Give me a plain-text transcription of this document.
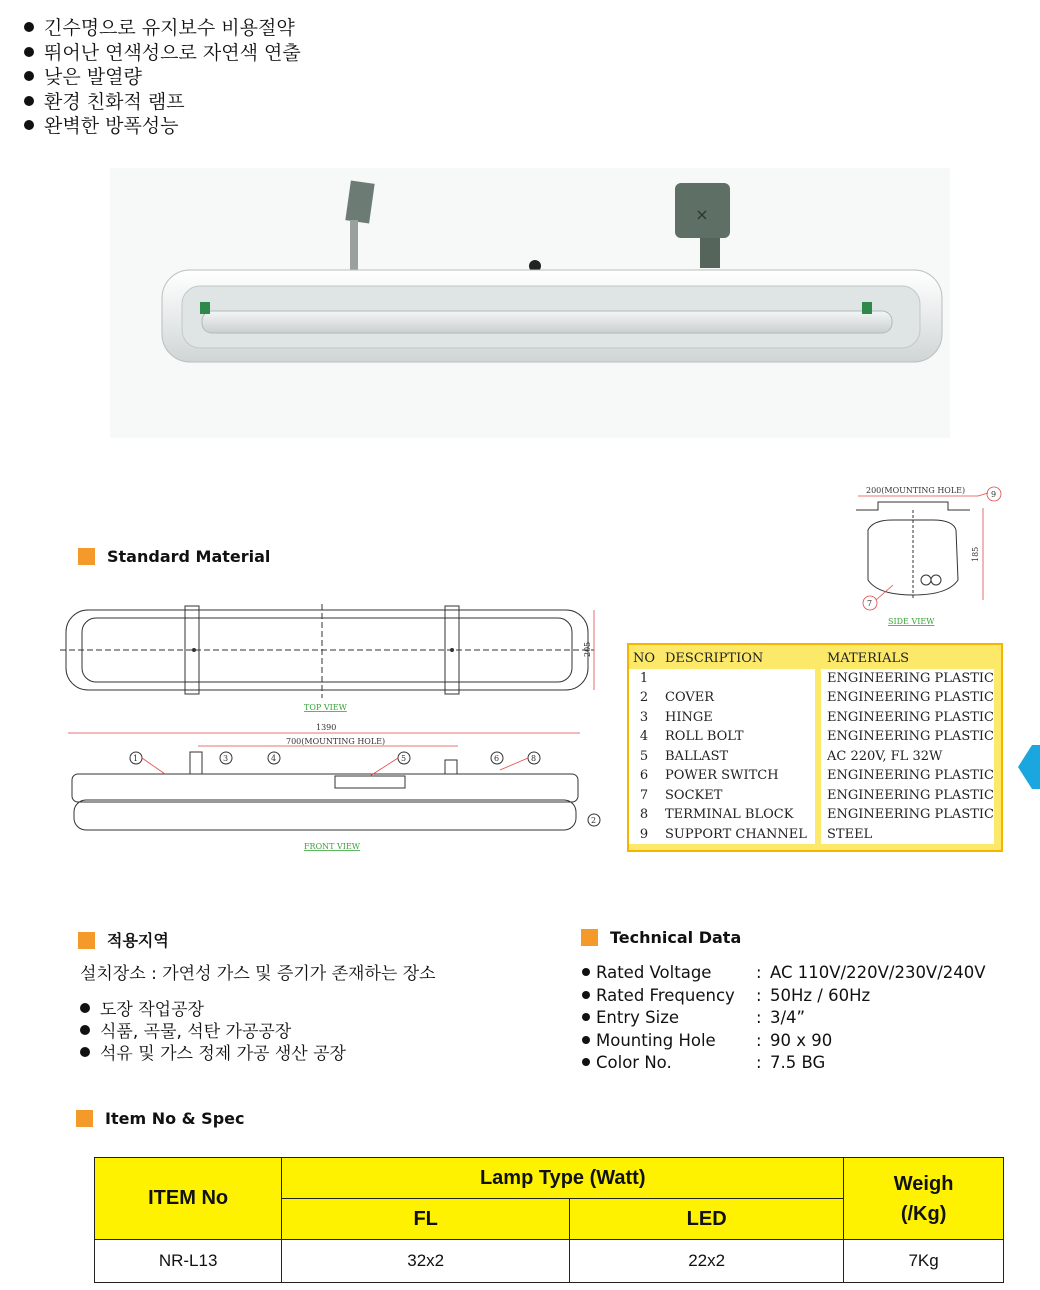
긴수명으로 유지보수 비용절약
뛰어난 연색성으로 자연색 연출
낮은 발열량
환경 친화적 램프
완벽한 방폭성능
×
Standard Material
200(MOUNTING HOLE)	9
185
7
SIDE VIEW
205
TOP VIEW
1390
700(MOUNTING HOLE)
1	3	4	5	6	8
2
FRONT VIEW
NO	DESCRIPTION		MATERIALS
1			ENGINEERING PLASTIC
2	COVER		ENGINEERING PLASTIC
3	HINGE		ENGINEERING PLASTIC
4	ROLL BOLT		ENGINEERING PLASTIC
5	BALLAST		AC 220V, FL 32W
6	POWER SWITCH		ENGINEERING PLASTIC
7	SOCKET		ENGINEERING PLASTIC
8	TERMINAL BLOCK		ENGINEERING PLASTIC
9	SUPPORT CHANNEL		STEEL
적용지역
설치장소 : 가연성 가스 및 증기가 존재하는 장소
도장 작업공장
식품, 곡물, 석탄 가공공장
석유 및 가스 정제 가공 생산 공장
Technical Data
Rated Voltage	: AC 110V/220V/230V/240V
Rated Frequency : 50Hz / 60Hz
Entry Size	: 3/4”
Mounting Hole : 90 x 90
Color No.	: 7.5 BG
Item No & Spec
ITEM No	Lamp Type (Watt)		Weigh
(/Kg)
	FL	LED	
NR-L13	32x2	22x2	7Kg
